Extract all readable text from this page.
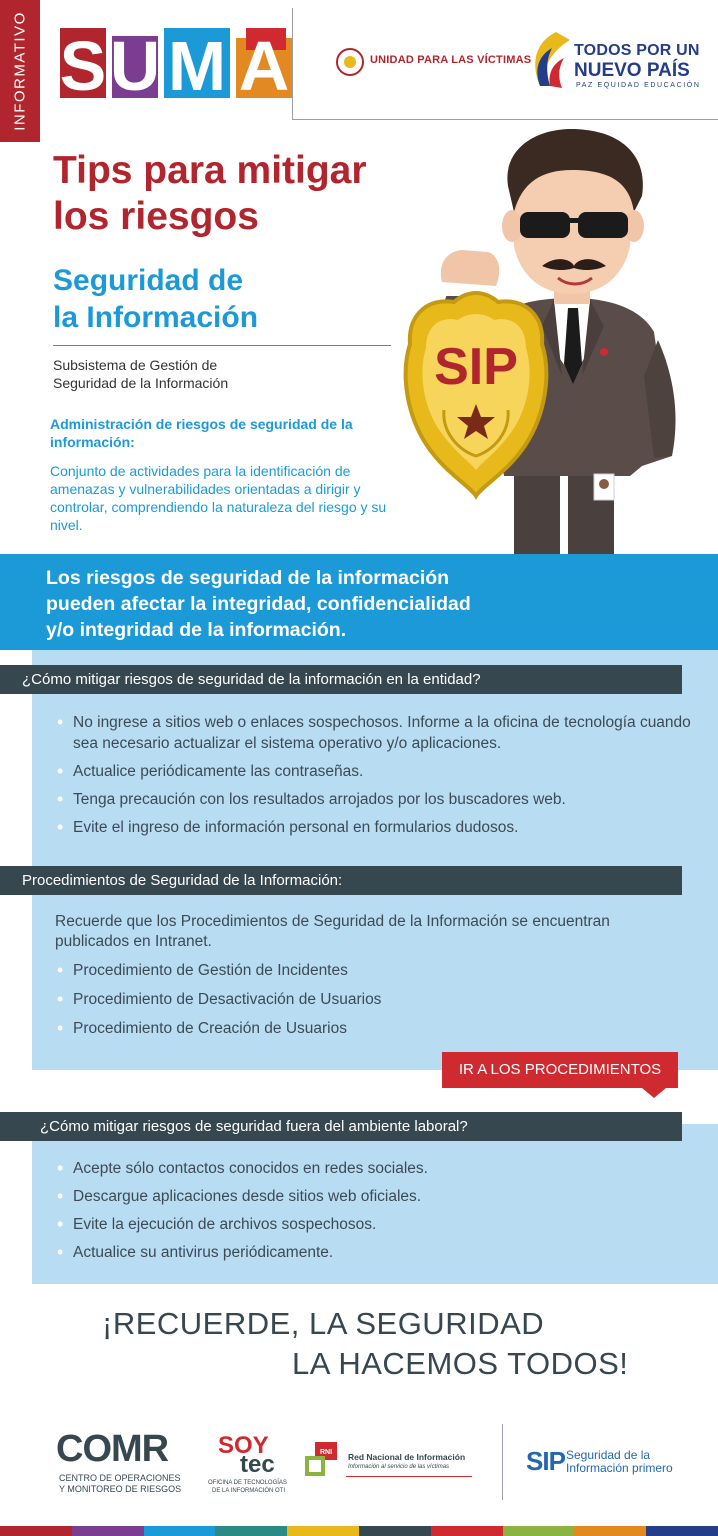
INFORMATIVO S U M A	UNIDAD PARA LAS VÍCTIMAS
TODOS POR UN
NUEVO PAÍS
PAZ EQUIDAD EDUCACIÓN
Tips para mitigar
los riesgos
Seguridad de
la Información
Subsistema de Gestión de
Seguridad de la Información
Administración de riesgos de seguridad de la información:
Conjunto de actividades para la identificación de amenazas y vulnerabilidades orientadas a dirigir y controlar, comprendiendo la naturaleza del riesgo y su nivel.
SIP
Los riesgos de seguridad de la información
pueden afectar la integridad, confidencialidad
y/o integridad de la información.
¿Cómo mitigar riesgos de seguridad de la información en la entidad?
• No ingrese a sitios web o enlaces sospechosos. Informe a la oficina de tecnología cuando sea necesario actualizar el sistema operativo y/o aplicaciones.
• Actualice periódicamente las contraseñas.
• Tenga precaución con los resultados arrojados por los buscadores web.
• Evite el ingreso de información personal en formularios dudosos.
Procedimientos de Seguridad de la Información:
Recuerde que los Procedimientos de Seguridad de la Información se encuentran publicados en Intranet.
• Procedimiento de Gestión de Incidentes
• Procedimiento de Desactivación de Usuarios
• Procedimiento de Creación de Usuarios
IR A LOS PROCEDIMIENTOS
¿Cómo mitigar riesgos de seguridad fuera del ambiente laboral?
• Acepte sólo contactos conocidos en redes sociales.
• Descargue aplicaciones desde sitios web oficiales.
• Evite la ejecución de archivos sospechosos.
• Actualice su antivirus periódicamente.
¡RECUERDE, LA SEGURIDAD
LA HACEMOS TODOS!
COMR
CENTRO DE OPERACIONES
Y MONITOREO DE RIESGOS
SOY
tec
OFICINA DE TECNOLOGÍAS
DE LA INFORMACIÓN OTI
RNI Red Nacional de Información
Información al servicio de las víctimas	SIP Seguridad de la
Información primero
